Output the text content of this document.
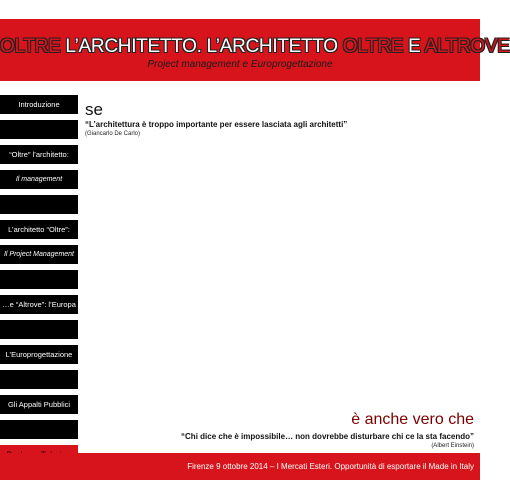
OLTRE L’ARCHITETTO. L’ARCHITETTO OLTRE E ALTROVE
Project management e Europrogettazione
Introduzione
“Oltre” l’architetto:
Il management
L’architetto “Oltre”:
Il Project Management
…e “Altrove”: l’Europa
L’Europrogettazione
Gli Appalti Pubblici
se
“L’architettura è troppo importante per essere lasciata agli architetti”
(Giancarlo De Carlo)
è anche vero che
“Chi dice che è impossibile… non dovrebbe disturbare chi ce la sta facendo”
(Albert Einstein)
Firenze 9 ottobre 2014 – I Mercati Esteri. Opportunità di esportare il Made in Italy
